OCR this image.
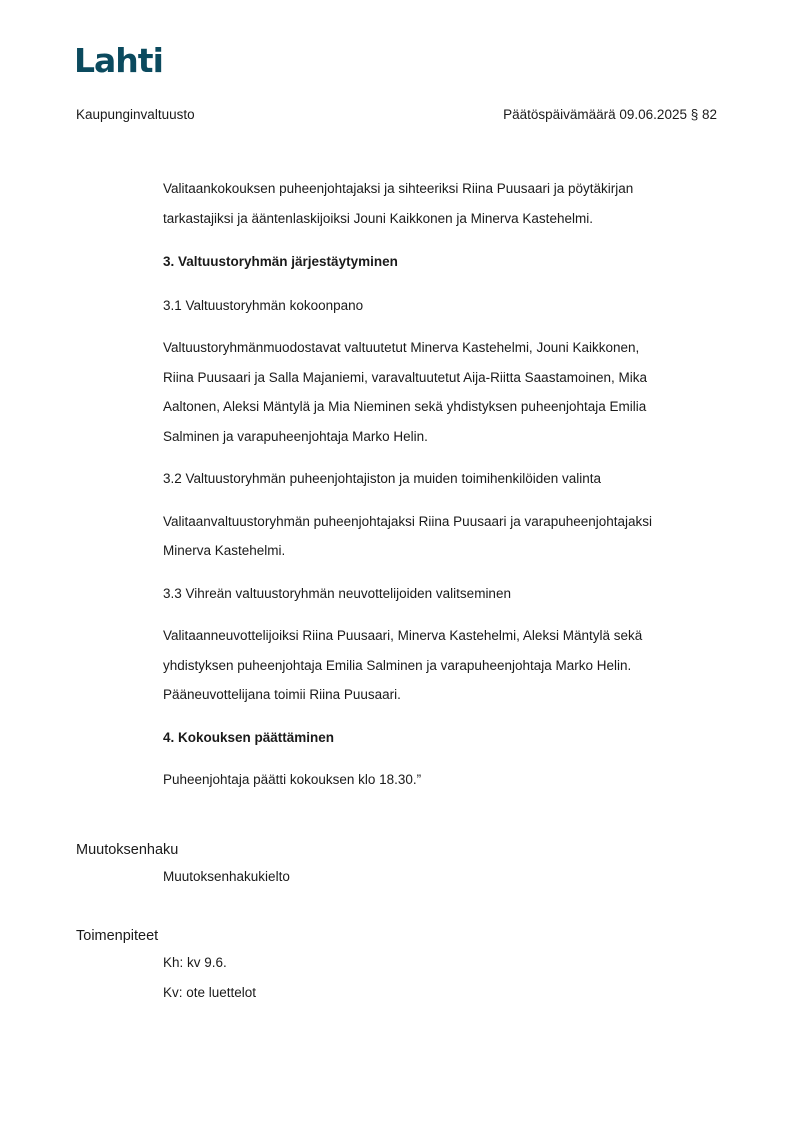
Lahti
Kaupunginvaltuusto	Päätöspäivämäärä 09.06.2025 § 82

Valitaankokouksen puheenjohtajaksi ja sihteeriksi Riina Puusaari ja pöytäkirjan

tarkastajiksi ja ääntenlaskijoiksi Jouni Kaikkonen ja Minerva Kastehelmi.

3. Valtuustoryhmän järjestäytyminen

3.1 Valtuustoryhmän kokoonpano

Valtuustoryhmänmuodostavat valtuutetut Minerva Kastehelmi, Jouni Kaikkonen,

Riina Puusaari ja Salla Majaniemi, varavaltuutetut Aija-Riitta Saastamoinen, Mika

Aaltonen, Aleksi Mäntylä ja Mia Nieminen sekä yhdistyksen puheenjohtaja Emilia

Salminen ja varapuheenjohtaja Marko Helin.

3.2 Valtuustoryhmän puheenjohtajiston ja muiden toimihenkilöiden valinta

Valitaanvaltuustoryhmän puheenjohtajaksi Riina Puusaari ja varapuheenjohtajaksi

Minerva Kastehelmi.

3.3 Vihreän valtuustoryhmän neuvottelijoiden valitseminen

Valitaanneuvottelijoiksi Riina Puusaari, Minerva Kastehelmi, Aleksi Mäntylä sekä

yhdistyksen puheenjohtaja Emilia Salminen ja varapuheenjohtaja Marko Helin.

Pääneuvottelijana toimii Riina Puusaari.

4. Kokouksen päättäminen

Puheenjohtaja päätti kokouksen klo 18.30.”

Muutoksenhaku
Muutoksenhakukielto
Toimenpiteet
Kh: kv 9.6.
Kv: ote luettelot
